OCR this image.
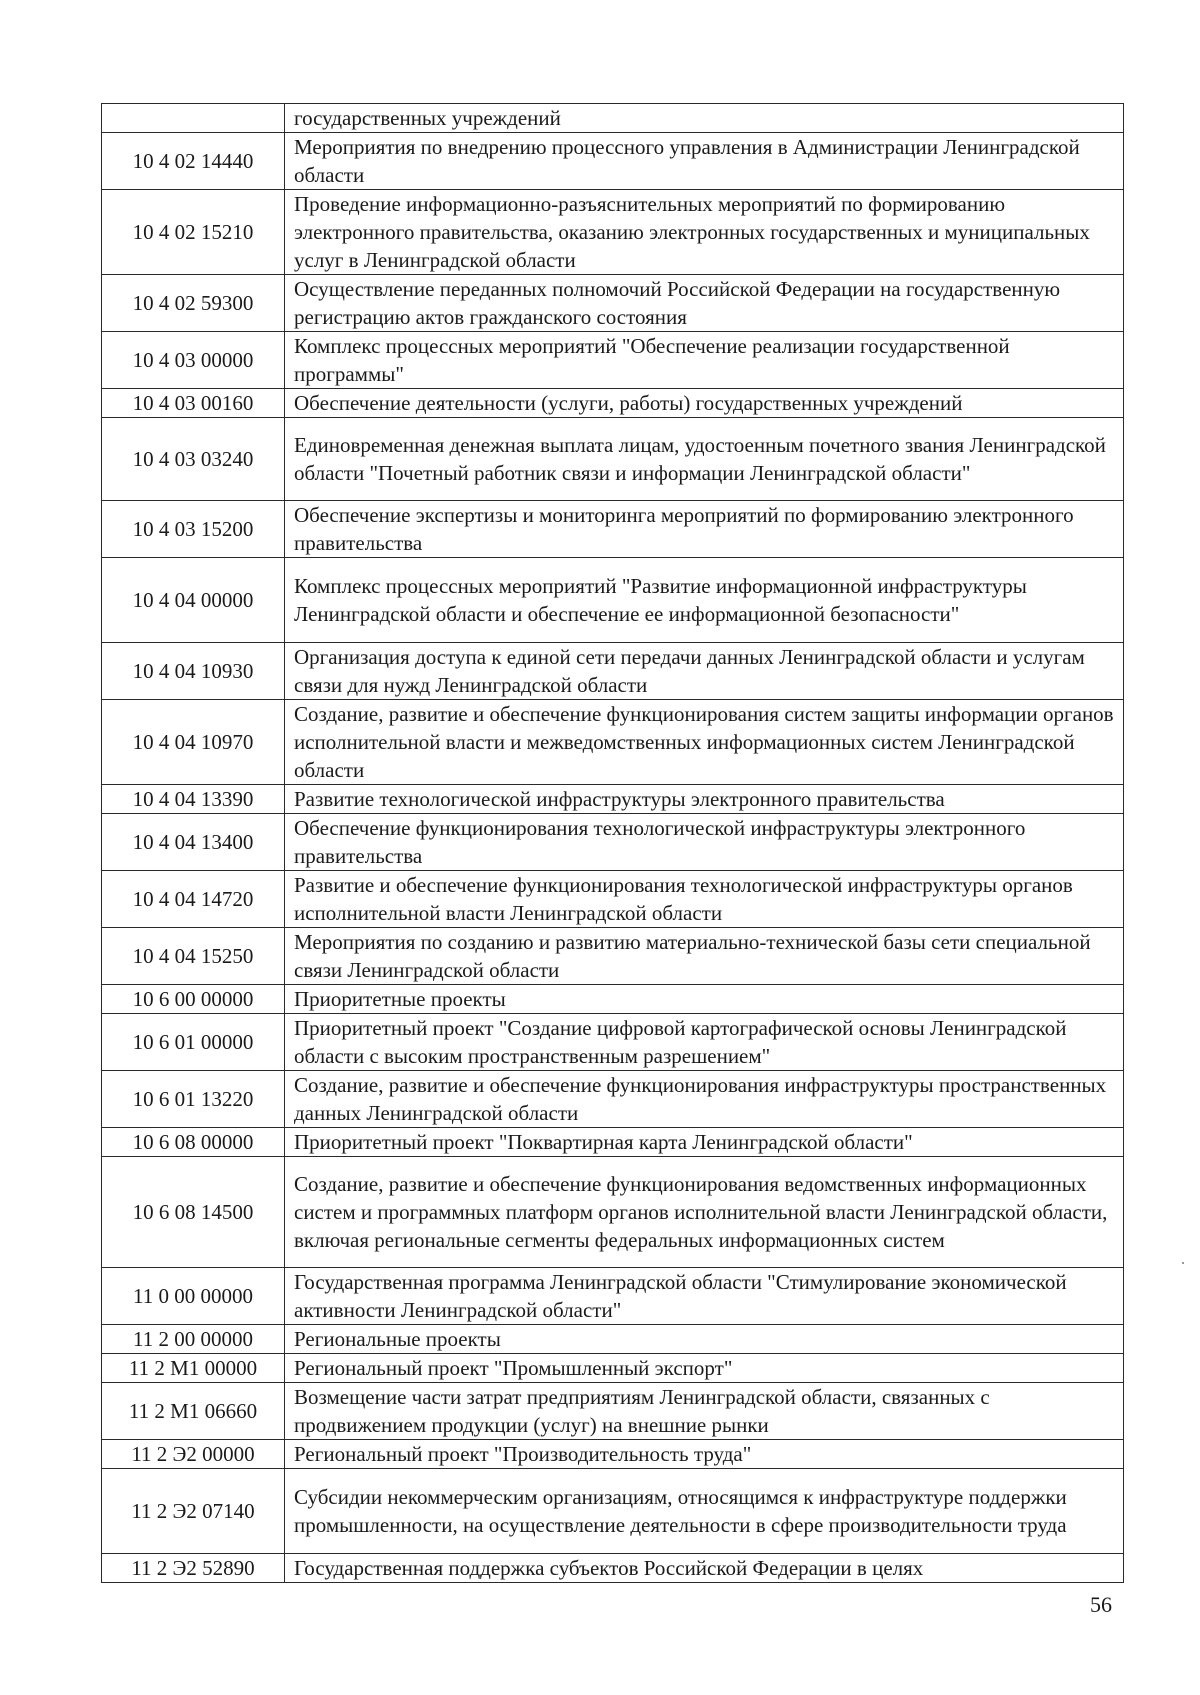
	государственных учреждений
10 4 02 14440	Мероприятия по внедрению процессного управления в Администрации Ленинградской области
10 4 02 15210	Проведение информационно-разъяснительных мероприятий по формированию электронного правительства, оказанию электронных государственных и муниципальных услуг в Ленинградской области
10 4 02 59300	Осуществление переданных полномочий Российской Федерации на государственную регистрацию актов гражданского состояния
10 4 03 00000	Комплекс процессных мероприятий "Обеспечение реализации государственной программы"
10 4 03 00160	Обеспечение деятельности (услуги, работы) государственных учреждений
10 4 03 03240	Единовременная денежная выплата лицам, удостоенным почетного звания Ленинградской области "Почетный работник связи и информации Ленинградской области"
10 4 03 15200	Обеспечение экспертизы и мониторинга мероприятий по формированию электронного правительства
10 4 04 00000	Комплекс процессных мероприятий "Развитие информационной инфраструктуры Ленинградской области и обеспечение ее информационной безопасности"
10 4 04 10930	Организация доступа к единой сети передачи данных Ленинградской области и услугам связи для нужд Ленинградской области
10 4 04 10970	Создание, развитие и обеспечение функционирования систем защиты информации органов исполнительной власти и межведомственных информационных систем Ленинградской области
10 4 04 13390	Развитие технологической инфраструктуры электронного правительства
10 4 04 13400	Обеспечение функционирования технологической инфраструктуры электронного правительства
10 4 04 14720	Развитие и обеспечение функционирования технологической инфраструктуры органов исполнительной власти Ленинградской области
10 4 04 15250	Мероприятия по созданию и развитию материально-технической базы сети специальной связи Ленинградской области
10 6 00 00000	Приоритетные проекты
10 6 01 00000	Приоритетный проект "Создание цифровой картографической основы Ленинградской области с высоким пространственным разрешением"
10 6 01 13220	Создание, развитие и обеспечение функционирования инфраструктуры пространственных данных Ленинградской области
10 6 08 00000	Приоритетный проект "Поквартирная карта Ленинградской области"
10 6 08 14500	Создание, развитие и обеспечение функционирования ведомственных информационных систем и программных платформ органов исполнительной власти Ленинградской области, включая региональные сегменты федеральных информационных систем
11 0 00 00000	Государственная программа Ленинградской области "Стимулирование экономической активности Ленинградской области"
11 2 00 00000	Региональные проекты
11 2 M1 00000	Региональный проект "Промышленный экспорт"
11 2 M1 06660	Возмещение части затрат предприятиям Ленинградской области, связанных с продвижением продукции (услуг) на внешние рынки
11 2 Э2 00000	Региональный проект "Производительность труда"
11 2 Э2 07140	Субсидии некоммерческим организациям, относящимся к инфраструктуре поддержки промышленности, на осуществление деятельности в сфере производительности труда
11 2 Э2 52890	Государственная поддержка субъектов Российской Федерации в целях
56
